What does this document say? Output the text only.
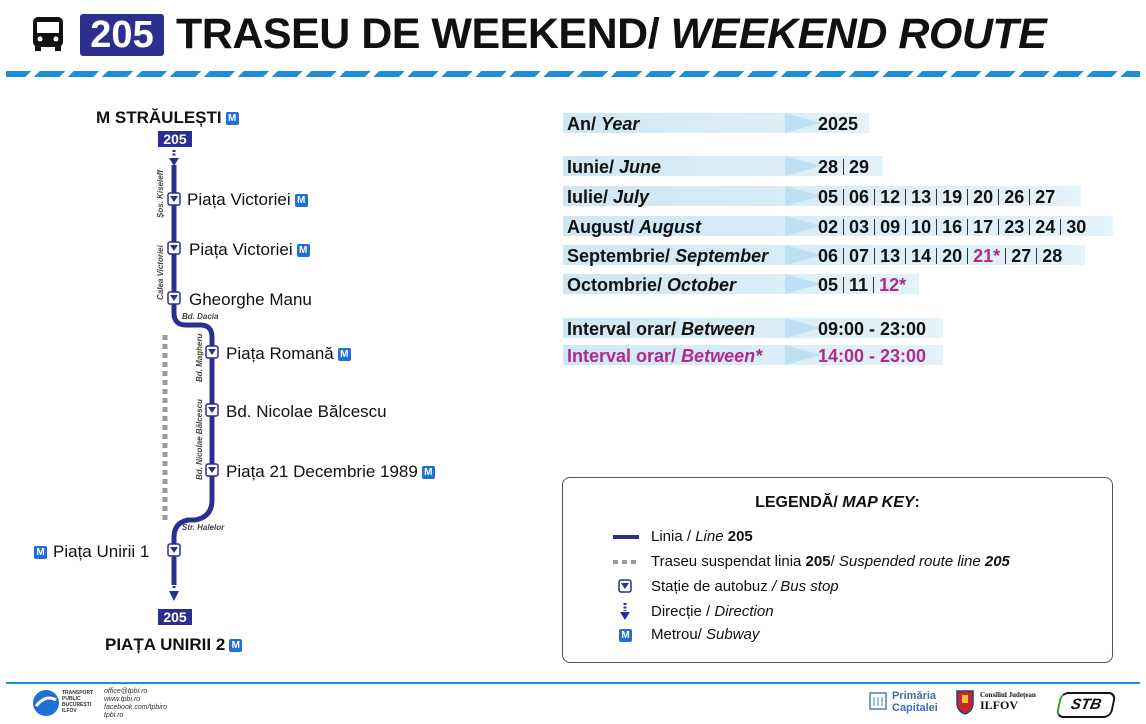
205 TRASEU DE WEEKEND/ WEEKEND ROUTE
M STRĂULEȘTI M
205
Șos. Kiseleff
Calea Victoriei
Bd. Dacia
Bd. Magheru
Bd. Nicolae Bălcescu
Str. Halelor
Piața Victoriei M
Piața Victoriei M
Gheorghe Manu
Piața Romană M
Bd. Nicolae Bălcescu
Piața 21 Decembrie 1989 M
M Piața Unirii 1
205
PIAȚA UNIRII 2 M
An/ Year	2025
Iunie/ June	28 29
Iulie/ July	05 06 12 13 19 20 26 27
August/ August	02 03 09 10 16 17 23 24 30
Septembrie/ September	06 07 13 14 20 21* 27 28
Octombrie/ October	05 11 12*
Interval orar/ Between	09:00 - 23:00
Interval orar/ Between*	14:00 - 23:00
LEGENDĂ/ MAP KEY:
Linia / Line 205
Traseu suspendat linia 205/ Suspended route line 205
Stație de autobuz / Bus stop
Direcție / Direction
M Metrou/ Subway
TRANSPORT
PUBLIC
BUCUREȘTI
ILFOV
office@tpbi.ro
www.tpbi.ro
facebook.com/tpbiro
tpbi.ro
Primăria
Capitalei
Consiliul Județean
ILFOV	STB
